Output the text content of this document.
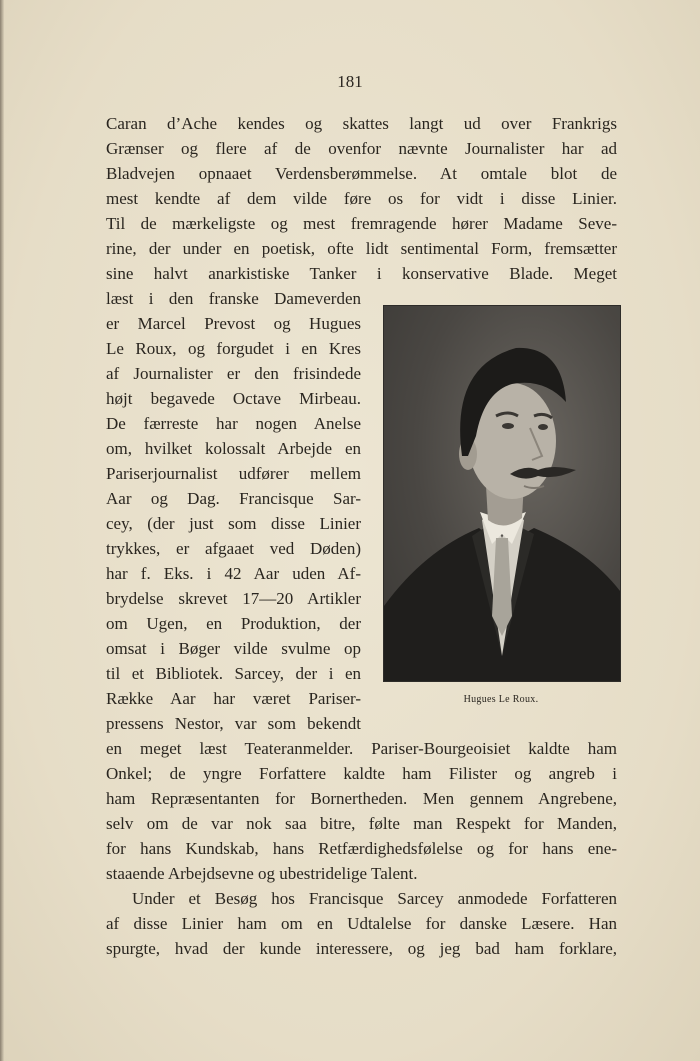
181
Caran d’Ache kendes og skattes langt ud over Frankrigs
Grænser og flere af de ovenfor nævnte Journalister har ad
Bladvejen opnaaet Verdensberømmelse. At omtale blot de
mest kendte af dem vilde føre os for vidt i disse Linier.
Til de mærkeligste og mest fremragende hører Madame Seve-
rine, der under en poetisk, ofte lidt sentimental Form, fremsætter
sine halvt anarkistiske Tanker i konservative Blade. Meget
læst i den franske Dameverden
er Marcel Prevost og Hugues
Le Roux, og forgudet i en Kres
af Journalister er den frisindede
højt begavede Octave Mirbeau.
De færreste har nogen Anelse
om, hvilket kolossalt Arbejde en
Pariserjournalist udfører mellem
Aar og Dag. Francisque Sar-
cey, (der just som disse Linier
trykkes, er afgaaet ved Døden)
har f. Eks. i 42 Aar uden Af-
brydelse skrevet 17—20 Artikler
om Ugen, en Produktion, der
omsat i Bøger vilde svulme op
til et Bibliotek. Sarcey, der i en
Række Aar har været Pariser-
pressens Nestor, var som bekendt
en meget læst Teateranmelder. Pariser-Bourgeoisiet kaldte ham
Onkel; de yngre Forfattere kaldte ham Filister og angreb i
ham Repræsentanten for Bornertheden. Men gennem Angrebene,
selv om de var nok saa bitre, følte man Respekt for Manden,
for hans Kundskab, hans Retfærdighedsfølelse og for hans ene-
staaende Arbejdsevne og ubestridelige Talent.
Under et Besøg hos Francisque Sarcey anmodede Forfatteren
af disse Linier ham om en Udtalelse for danske Læsere. Han
spurgte, hvad der kunde interessere, og jeg bad ham forklare,
Hugues Le Roux.
